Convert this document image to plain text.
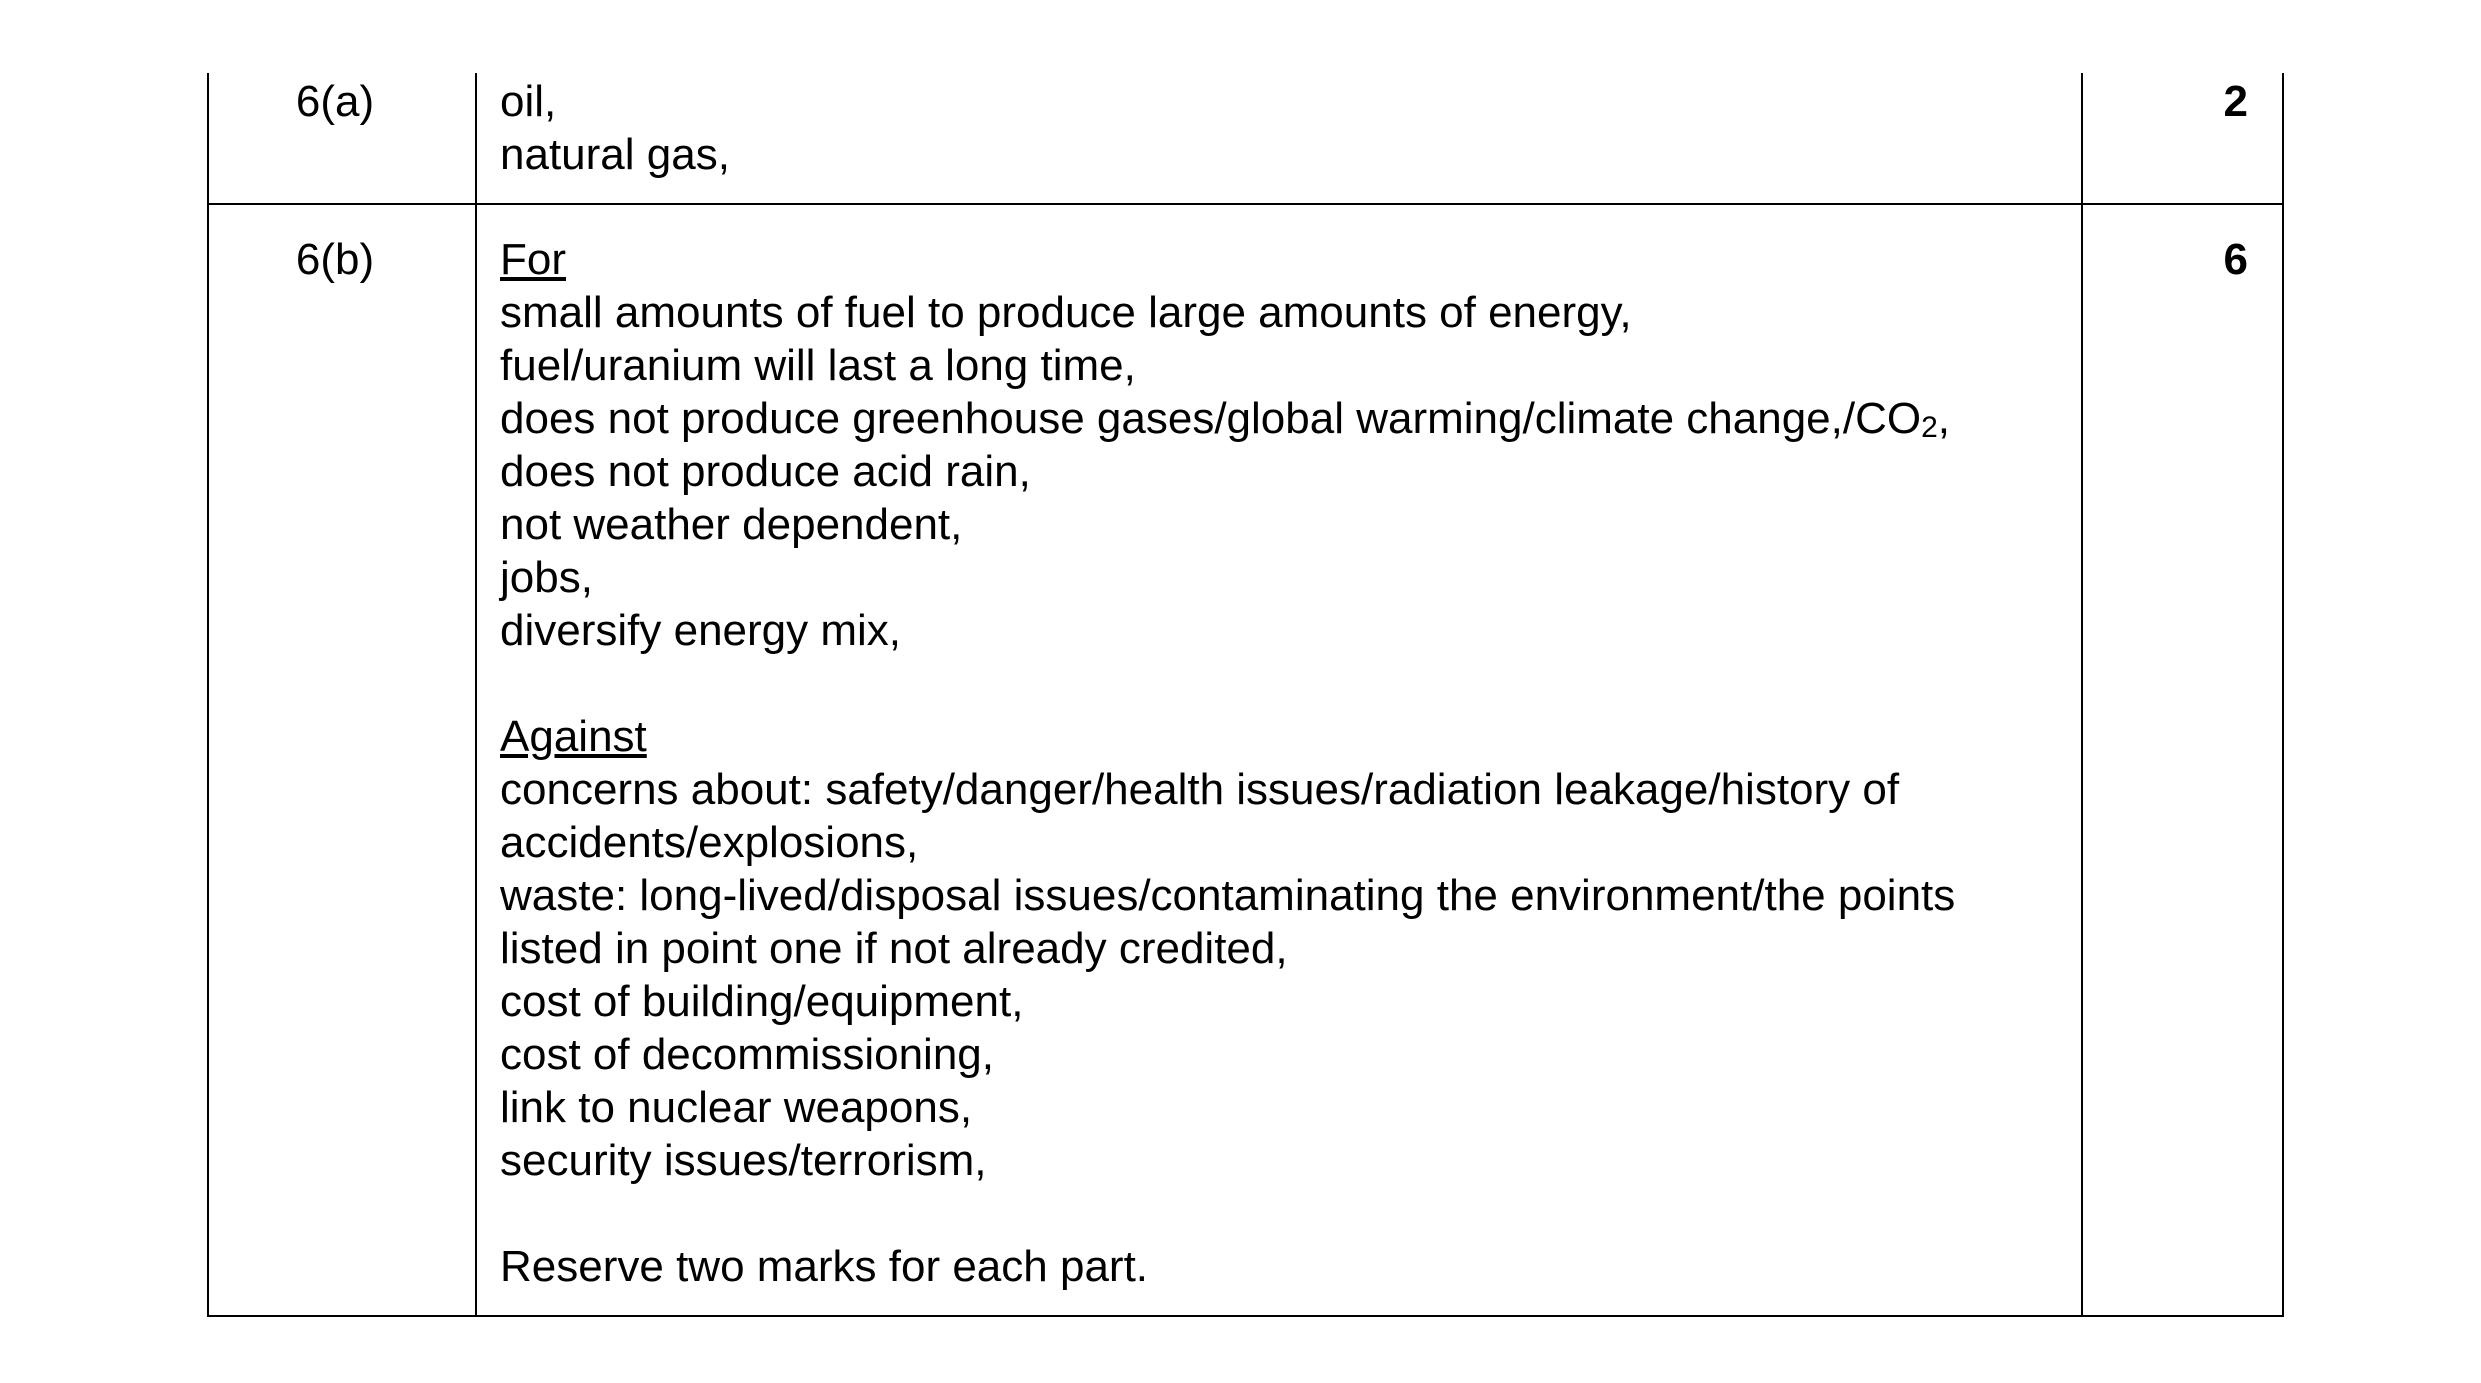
6(a)	oil,
natural gas,
2
6(b)	For
small amounts of fuel to produce large amounts of energy,
fuel/uranium will last a long time,
does not produce greenhouse gases/global warming/climate $change,/CO_2$,
does not produce acid rain,
not weather dependent,
jobs,
diversify energy mix,
Against
concerns about: safety/danger/health issues/radiation leakage/history of
accidents/explosions,
waste: long-lived/disposal issues/contaminating the environment/the points
listed in point one if not already credited,
cost of building/equipment,
cost of decommissioning,
link to nuclear weapons,
security issues/terrorism,
Reserve two marks for each part.
6
